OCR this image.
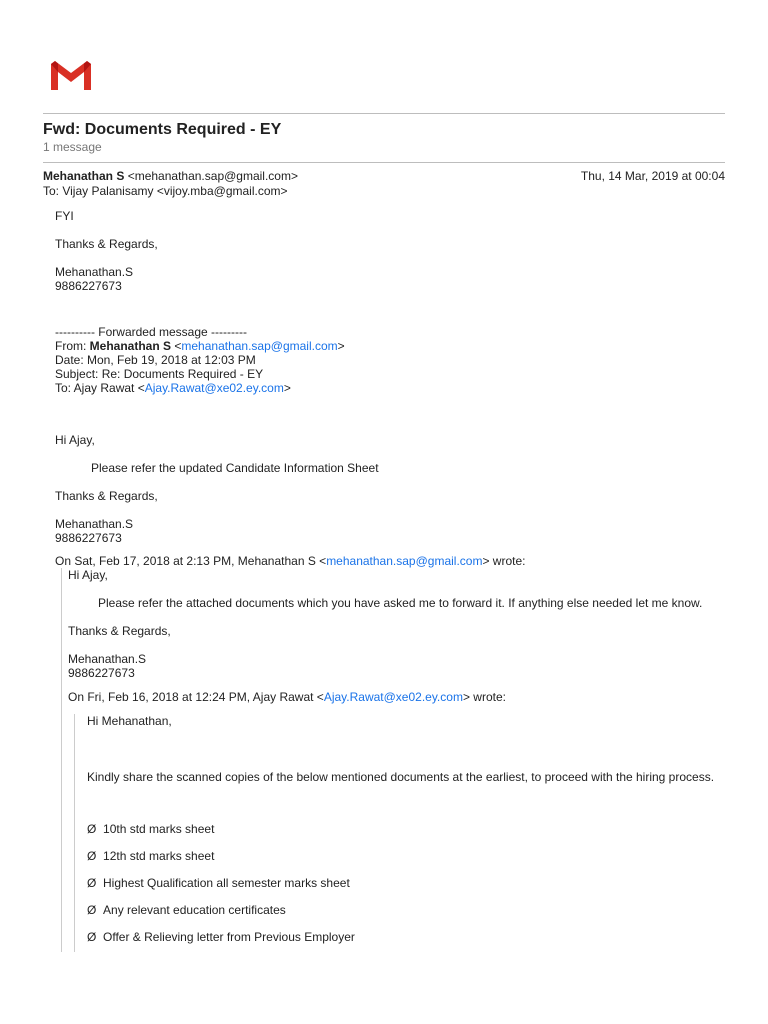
Fwd: Documents Required - EY
1 message
Mehanathan S <mehanathan.sap@gmail.com>
To: Vijay Palanisamy <vijoy.mba@gmail.com>
Thu, 14 Mar, 2019 at 00:04
FYI
Thanks & Regards,
Mehanathan.S
9886227673
---------- Forwarded message ---------
From: Mehanathan S <mehanathan.sap@gmail.com>
Date: Mon, Feb 19, 2018 at 12:03 PM
Subject: Re: Documents Required - EY
To: Ajay Rawat <Ajay.Rawat@xe02.ey.com>
Hi Ajay,
Please refer the updated Candidate Information Sheet
Thanks & Regards,
Mehanathan.S
9886227673
On Sat, Feb 17, 2018 at 2:13 PM, Mehanathan S <mehanathan.sap@gmail.com> wrote:
Hi Ajay,
Please refer the attached documents which you have asked me to forward it. If anything else needed let me know.
Thanks & Regards,
Mehanathan.S
9886227673
On Fri, Feb 16, 2018 at 12:24 PM, Ajay Rawat <Ajay.Rawat@xe02.ey.com> wrote:
Hi Mehanathan,
Kindly share the scanned copies of the below mentioned documents at the earliest, to proceed with the hiring process.
Ø 10th std marks sheet
Ø 12th std marks sheet
Ø Highest Qualification all semester marks sheet
Ø Any relevant education certificates
Ø Offer & Relieving letter from Previous Employer
